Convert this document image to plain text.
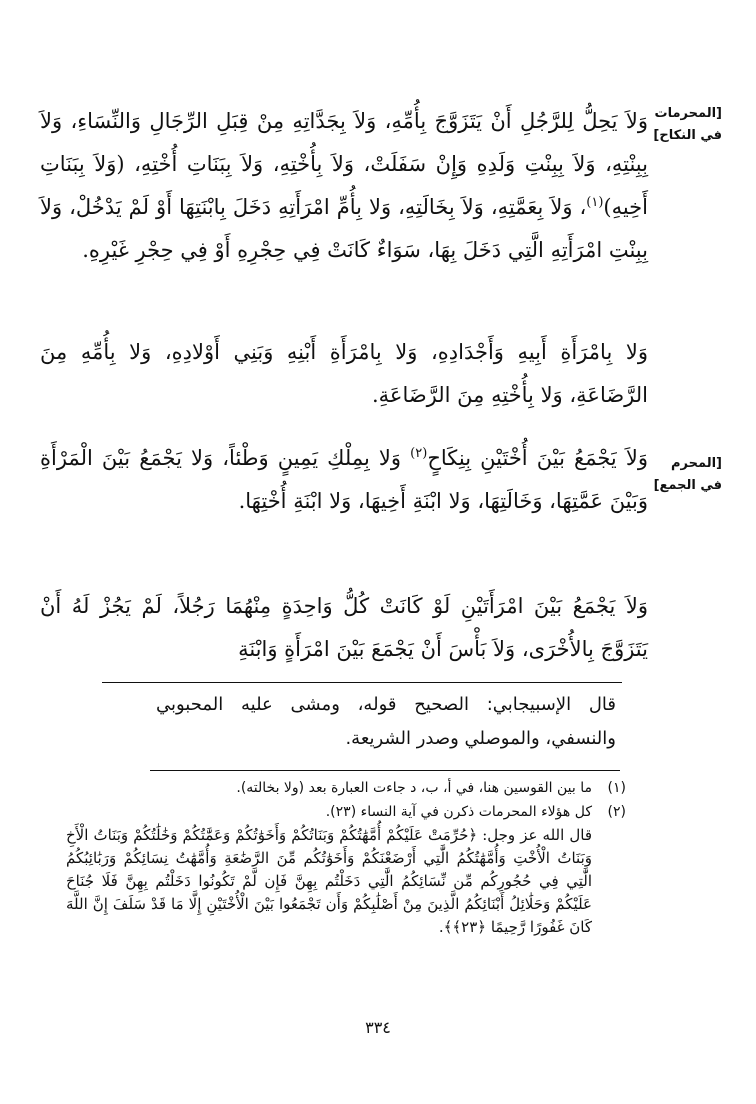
[المحرمات في النكاح]
[المحرم في الجمع]

وَلاَ يَحِلُّ لِلرَّجُلِ أَنْ يَتَزَوَّجَ بِأُمِّهِ، وَلاَ بِجَدَّاتِهِ مِنْ قِبَلِ الرِّجَالِ وَالنِّسَاءِ، وَلاَ بِبِنْتِهِ، وَلاَ بِبِنْتِ وَلَدِهِ وَإِنْ سَفَلَتْ، وَلاَ بِأُخْتِهِ، وَلاَ بِبَنَاتِ أُخْتِهِ، (وَلاَ بِبَنَاتِ أَخِيهِ)$^{(١)}$، وَلاَ بِعَمَّتِهِ، وَلاَ بِخَالَتِهِ، وَلا بِأُمِّ امْرَأَتِهِ دَخَلَ بِابْنَتِهَا أَوْ لَمْ يَدْخُلْ، وَلاَ بِبِنْتِ امْرَأَتِهِ الَّتِي دَخَلَ بِهَا، سَوَاءٌ كَانَتْ فِي حِجْرِهِ أَوْ فِي حِجْرِ غَيْرِهِ.

وَلا بِامْرَأَةِ أَبِيهِ وَأَجْدَادِهِ، وَلا بِامْرَأَةِ أَبْنِهِ وَبَنِي أَوْلادِهِ، وَلا بِأُمِّهِ مِنَ الرَّضَاعَةِ، وَلا بِأُخْتِهِ مِنَ الرَّضَاعَةِ.

وَلاَ يَجْمَعُ بَيْنَ أُخْتَيْنِ بِنِكَاحٍ$^{(٢)}$ وَلا بِمِلْكِ يَمِينٍ وَطْئاً، وَلا يَجْمَعُ بَيْنَ الْمَرْأَةِ وَبَيْنَ عَمَّتِهَا، وَخَالَتِهَا، وَلا ابْنَةِ أَخِيهَا، وَلا ابْنَةِ أُخْتِهَا.

وَلاَ يَجْمَعُ بَيْنَ امْرَأَتَيْنِ لَوْ كَانَتْ كُلُّ وَاحِدَةٍ مِنْهُمَا رَجُلاً، لَمْ يَجُزْ لَهُ أَنْ يَتَزَوَّجَ بِالأُخْرَى، وَلاَ بَأْسَ أَنْ يَجْمَعَ بَيْنَ امْرَأَةٍ وَابْنَةِ

قال الإسبيجابي: الصحيح قوله، ومشى عليه المحبوبي والنسفي، والموصلي وصدر الشريعة.

(١)ما بين القوسين هنا، في أ، ب، د جاءت العبارة بعد (ولا بخالته).

(٢)كل هؤلاء المحرمات ذكرن في آية النساء (٢٣).

قال الله عز وجل: ﴿حُرِّمَتْ عَلَيْكُمْ أُمَّهَٰتُكُمْ وَبَنَاتُكُمْ وَأَخَوَٰتُكُمْ وَعَمَّٰتُكُمْ وَخَٰلَٰتُكُمْ وَبَنَاتُ الْأَخِ وَبَنَاتُ الْأُخْتِ وَأُمَّهَٰتُكُمُ الَّٰتِي أَرْضَعْنَكُمْ وَأَخَوَٰتُكُم مِّنَ الرَّضَٰعَةِ وَأُمَّهَٰتُ نِسَائِكُمْ وَرَبَٰائِبُكُمُ الَّٰتِي فِي حُجُورِكُم مِّن نِّسَائِكُمُ الَّٰتِي دَخَلْتُم بِهِنَّ فَإِن لَّمْ تَكُونُوا دَخَلْتُم بِهِنَّ فَلَا جُنَاحَ عَلَيْكُمْ وَحَلَٰائِلُ أَبْنَائِكُمُ الَّذِينَ مِنْ أَصْلَٰبِكُمْ وَأَن تَجْمَعُوا بَيْنَ الْأُخْتَيْنِ إِلَّا مَا قَدْ سَلَفَ إِنَّ اللَّهَ كَانَ غَفُورًا رَّحِيمًا ﴿٢٣﴾﴾.

٣٣٤
